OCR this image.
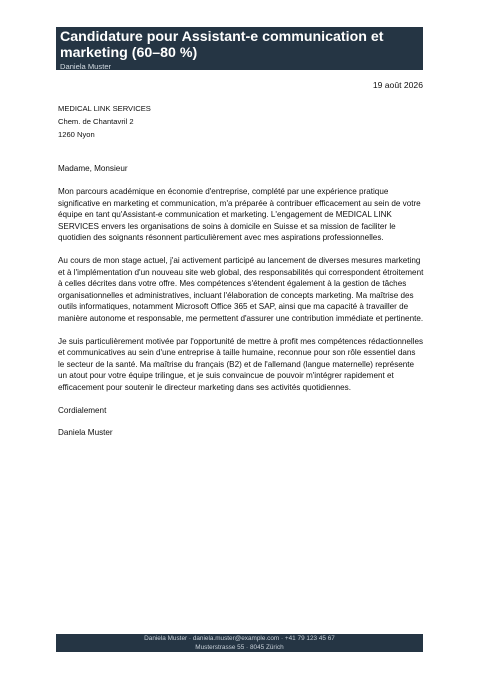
Candidature pour Assistant-e communication et marketing (60–80 %)
Daniela Muster
19 août 2026
MEDICAL LINK SERVICES
Chem. de Chantavril 2
1260 Nyon

Madame, Monsieur

Mon parcours académique en économie d'entreprise, complété par une expérience pratique significative en marketing et communication, m'a préparée à contribuer efficacement au sein de votre équipe en tant qu'Assistant-e communication et marketing. L'engagement de MEDICAL LINK SERVICES envers les organisations de soins à domicile en Suisse et sa mission de faciliter le quotidien des soignants résonnent particulièrement avec mes aspirations professionnelles.

Au cours de mon stage actuel, j'ai activement participé au lancement de diverses mesures marketing et à l'implémentation d'un nouveau site web global, des responsabilités qui correspondent étroitement à celles décrites dans votre offre. Mes compétences s'étendent également à la gestion de tâches organisationnelles et administratives, incluant l'élaboration de concepts marketing. Ma maîtrise des outils informatiques, notamment Microsoft Office 365 et SAP, ainsi que ma capacité à travailler de manière autonome et responsable, me permettent d'assurer une contribution immédiate et pertinente.

Je suis particulièrement motivée par l'opportunité de mettre à profit mes compétences rédactionnelles et communicatives au sein d'une entreprise à taille humaine, reconnue pour son rôle essentiel dans le secteur de la santé. Ma maîtrise du français (B2) et de l'allemand (langue maternelle) représente un atout pour votre équipe trilingue, et je suis convaincue de pouvoir m'intégrer rapidement et efficacement pour soutenir le directeur marketing dans ses activités quotidiennes.

Cordialement

Daniela Muster

Daniela Muster · daniela.muster@example.com · +41 79 123 45 67
Musterstrasse 55 · 8045 Zürich
